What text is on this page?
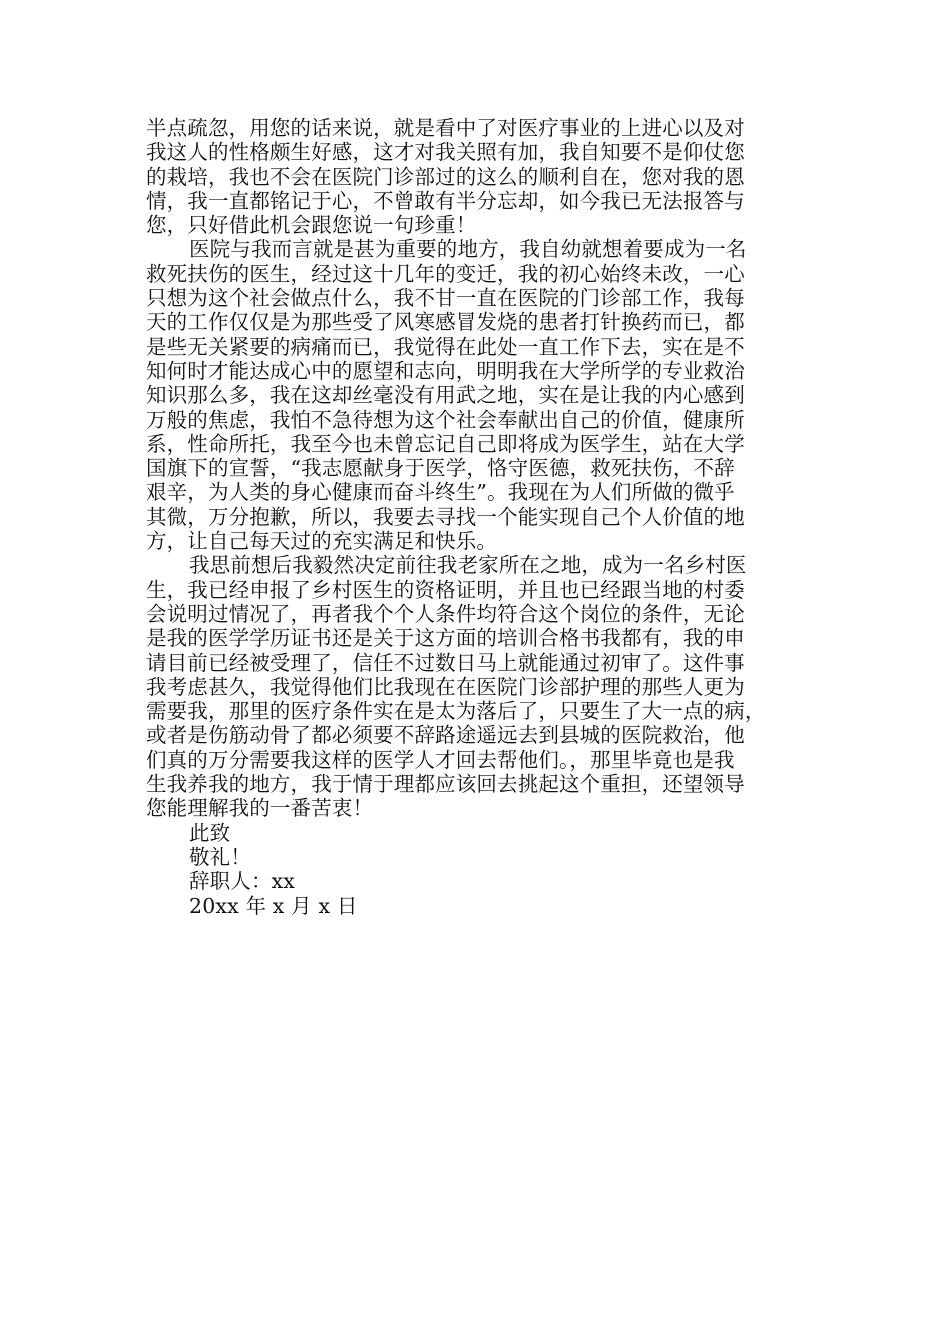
半点疏忽，用您的话来说，就是看中了对医疗事业的上进心以及对
我这人的性格颇生好感，这才对我关照有加，我自知要不是仰仗您
的栽培，我也不会在医院门诊部过的这么的顺利自在，您对我的恩
情，我一直都铭记于心，不曾敢有半分忘却，如今我已无法报答与
您，只好借此机会跟您说一句珍重！
医院与我而言就是甚为重要的地方，我自幼就想着要成为一名
救死扶伤的医生，经过这十几年的变迁，我的初心始终未改，一心
只想为这个社会做点什么，我不甘一直在医院的门诊部工作，我每
天的工作仅仅是为那些受了风寒感冒发烧的患者打针换药而已，都
是些无关紧要的病痛而已，我觉得在此处一直工作下去，实在是不
知何时才能达成心中的愿望和志向，明明我在大学所学的专业救治
知识那么多，我在这却丝毫没有用武之地，实在是让我的内心感到
万般的焦虑，我怕不急待想为这个社会奉献出自己的价值，健康所
系，性命所托，我至今也未曾忘记自己即将成为医学生，站在大学
国旗下的宣誓，“我志愿献身于医学，恪守医德，救死扶伤，不辞
艰辛，为人类的身心健康而奋斗终生”。我现在为人们所做的微乎
其微，万分抱歉，所以，我要去寻找一个能实现自己个人价值的地
方，让自己每天过的充实满足和快乐。
我思前想后我毅然决定前往我老家所在之地，成为一名乡村医
生，我已经申报了乡村医生的资格证明，并且也已经跟当地的村委
会说明过情况了，再者我个个人条件均符合这个岗位的条件，无论
是我的医学学历证书还是关于这方面的培训合格书我都有，我的申
请目前已经被受理了，信任不过数日马上就能通过初审了。这件事
我考虑甚久，我觉得他们比我现在在医院门诊部护理的那些人更为
需要我，那里的医疗条件实在是太为落后了，只要生了大一点的病，
或者是伤筋动骨了都必须要不辞路途遥远去到县城的医院救治，他
们真的万分需要我这样的医学人才回去帮他们。，那里毕竟也是我
生我养我的地方，我于情于理都应该回去挑起这个重担，还望领导
您能理解我的一番苦衷！
此致
敬礼！
辞职人：xx
20xx 年 x 月 x 日
